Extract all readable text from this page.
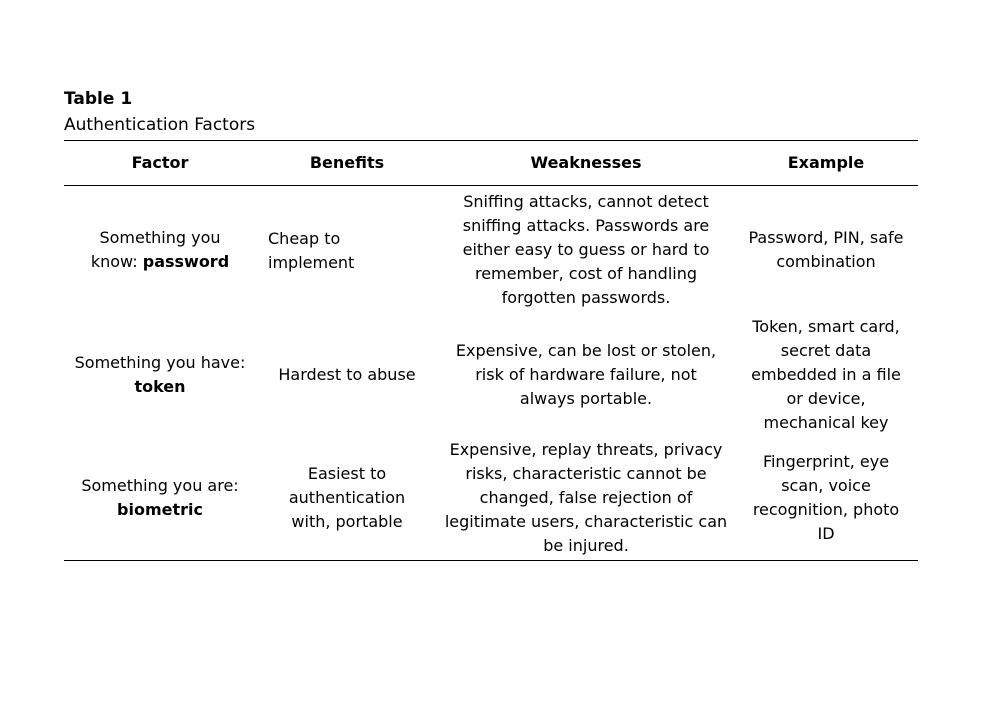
Table 1

Authentication Factors

Factor	Benefits	Weaknesses	Example
Something you know: password	Cheap to implement	Sniffing attacks, cannot detect sniffing attacks. Passwords are either easy to guess or hard to remember, cost of handling forgotten passwords.	Password, PIN, safe combination
Something you have: token	Hardest to abuse	Expensive, can be lost or stolen, risk of hardware failure, not always portable.	Token, smart card, secret data embedded in a file or device, mechanical key
Something you are: biometric	Easiest to authentication with, portable	Expensive, replay threats, privacy risks, characteristic cannot be changed, false rejection of legitimate users, characteristic can be injured.	Fingerprint, eye scan, voice recognition, photo ID
